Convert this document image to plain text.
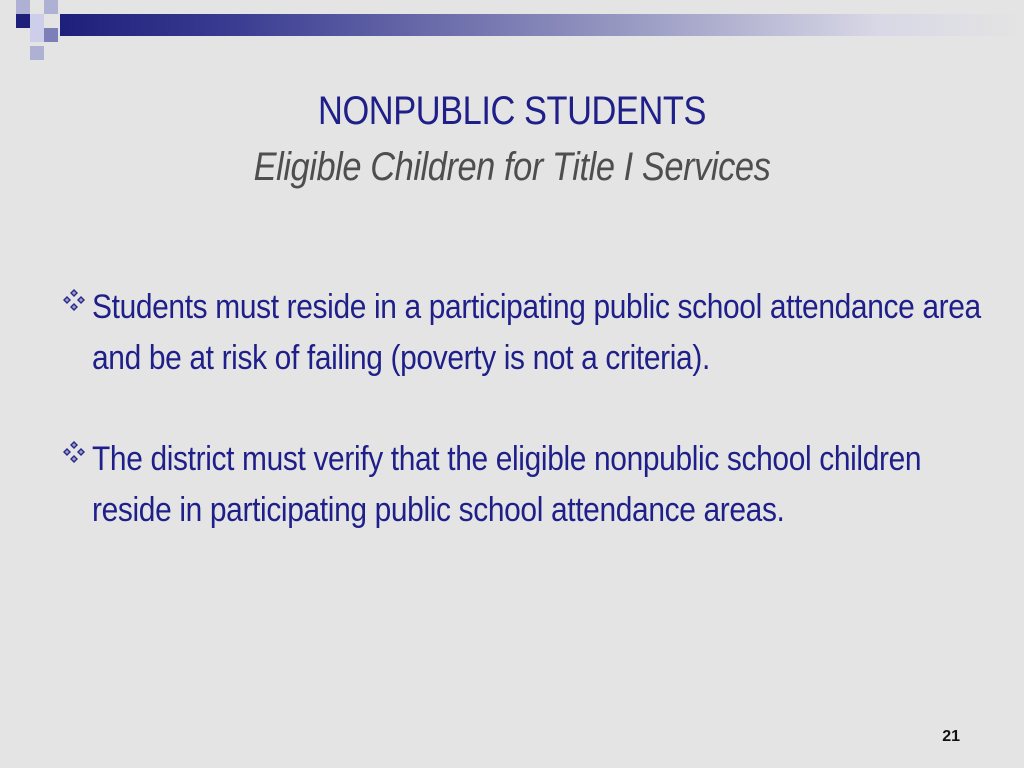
NONPUBLIC STUDENTS
Eligible Children for Title I Services
Students must reside in a participating public school attendance area and be at risk of failing (poverty is not a criteria).
The district must verify that the eligible nonpublic school children reside in participating public school attendance areas.
21
